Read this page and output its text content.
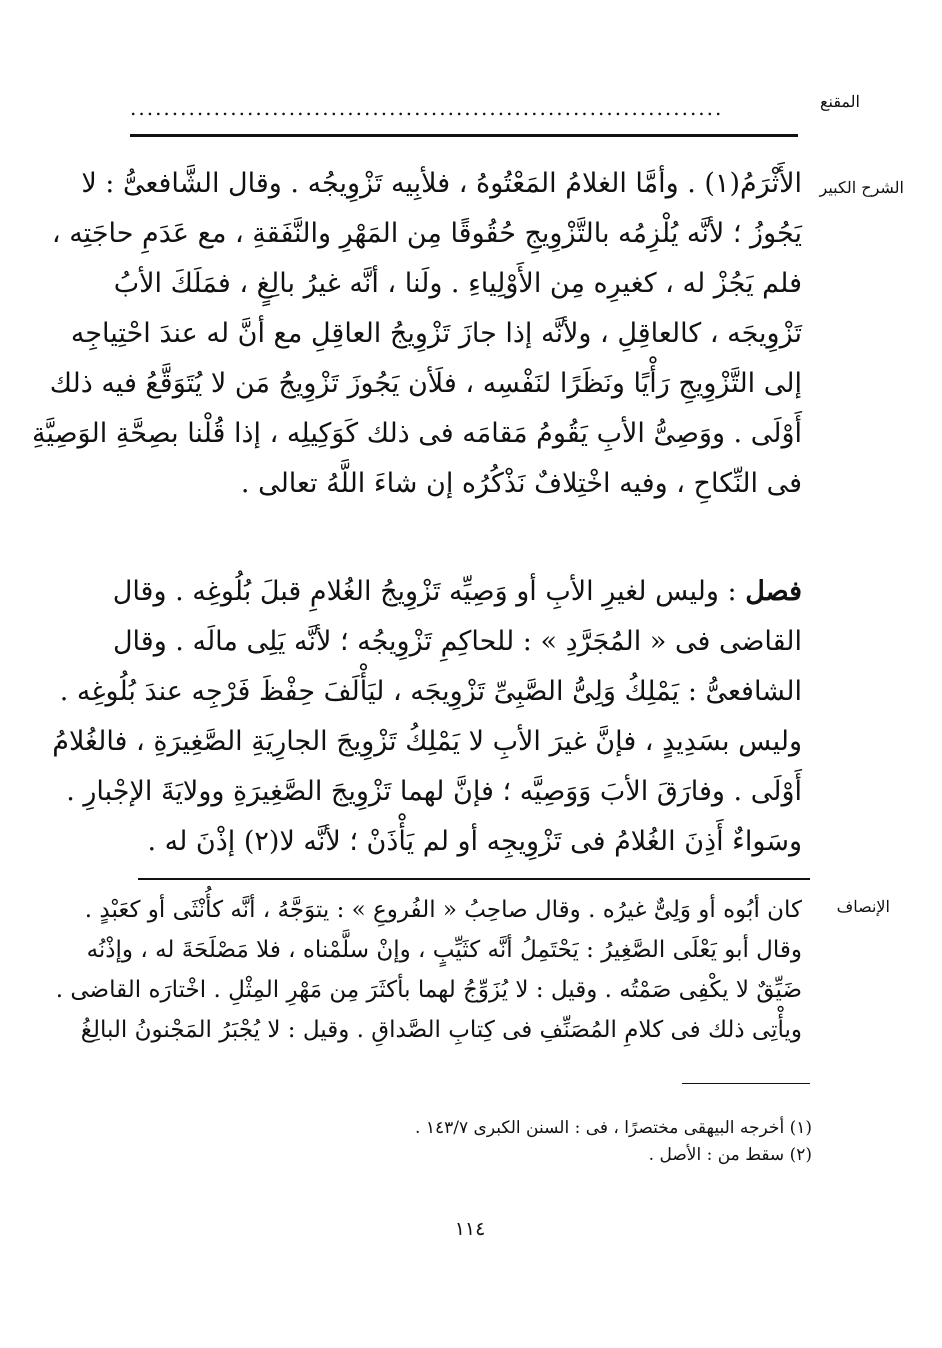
المقنع
.......................................................................
الشرح الكبير
الإنصاف
الأَثْرَمُ(١) . وأمَّا الغلامُ المَعْتُوهُ ، فلأبِيه تَزْوِيجُه . وقال الشَّافعىُّ : لا
يَجُوزُ ؛ لأنَّه يُلْزِمُه بالتَّزْوِيجِ حُقُوقًا مِن المَهْرِ والنَّفَقةِ ، مع عَدَمِ حاجَتِه ،
فلم يَجُزْ له ، كغيرِه مِن الأَوْلِياءِ . ولَنا ، أنَّه غيرُ بالِغٍ ، فمَلَكَ الأبُ
تَزْوِيجَه ، كالعاقِلِ ، ولأنَّه إذا جازَ تَزْوِيجُ العاقِلِ مع أنَّ له عندَ احْتِياجِه
إلى التَّزْوِيجِ رَأْيًا ونَظَرًا لنَفْسِه ، فلَأن يَجُوزَ تَزْوِيجُ مَن لا يُتَوَقَّعُ فيه ذلك
أَوْلَى . ووَصِىُّ الأبِ يَقُومُ مَقامَه فى ذلك كَوَكِيلِه ، إذا قُلْنا بصِحَّةِ الوَصِيَّةِ
فى النِّكاحِ ، وفيه اخْتِلافٌ نَذْكُرُه إن شاءَ اللَّهُ تعالى .
فصل : وليس لغيرِ الأبِ أو وَصِيِّه تَزْوِيجُ الغُلامِ قبلَ بُلُوغِه . وقال
القاضى فى « المُجَرَّدِ » : للحاكِمِ تَزْوِيجُه ؛ لأنَّه يَلِى مالَه . وقال
الشافعىُّ : يَمْلِكُ وَلِىُّ الصَّبِىِّ تَزْوِيجَه ، ليَأْلَفَ حِفْظَ فَرْجِه عندَ بُلُوغِه .
وليس بسَدِيدٍ ، فإنَّ غيرَ الأبِ لا يَمْلِكُ تَزْوِيجَ الجارِيَةِ الصَّغِيرَةِ ، فالغُلامُ
أَوْلَى . وفارَقَ الأبَ وَوَصِيَّه ؛ فإنَّ لهما تَزْوِيجَ الصَّغِيرَةِ وولايَةَ الإجْبارِ .
وسَواءٌ أَذِنَ الغُلامُ فى تَزْوِيجِه أو لم يَأْذَنْ ؛ لأنَّه لا(٢) إذْنَ له .
كان أبُوه أو وَلِىٌّ غيرُه . وقال صاحِبُ « الفُروعِ » : يتوَجَّهُ ، أنَّه كأُنْثَى أو كعَبْدٍ .
وقال أبو يَعْلَى الصَّغِيرُ : يَحْتَمِلُ أنَّه كثَيِّبٍ ، وإنْ سلَّمْناه ، فلا مَصْلَحَةَ له ، وإذْنُه
ضَيِّقٌ لا يكْفِى صَمْتُه . وقيل : لا يُزَوِّجُ لهما بأكثَرَ مِن مَهْرِ المِثْلِ . اخْتارَه القاضى .
ويأْتِى ذلك فى كلامِ المُصَنِّفِ فى كِتابِ الصَّداقِ . وقيل : لا يُجْبَرُ المَجْنونُ البالِغُ
(١) أخرجه البيهقى مختصرًا ، فى : السنن الكبرى ١٤٣/٧ .
(٢) سقط من : الأصل .
١١٤
